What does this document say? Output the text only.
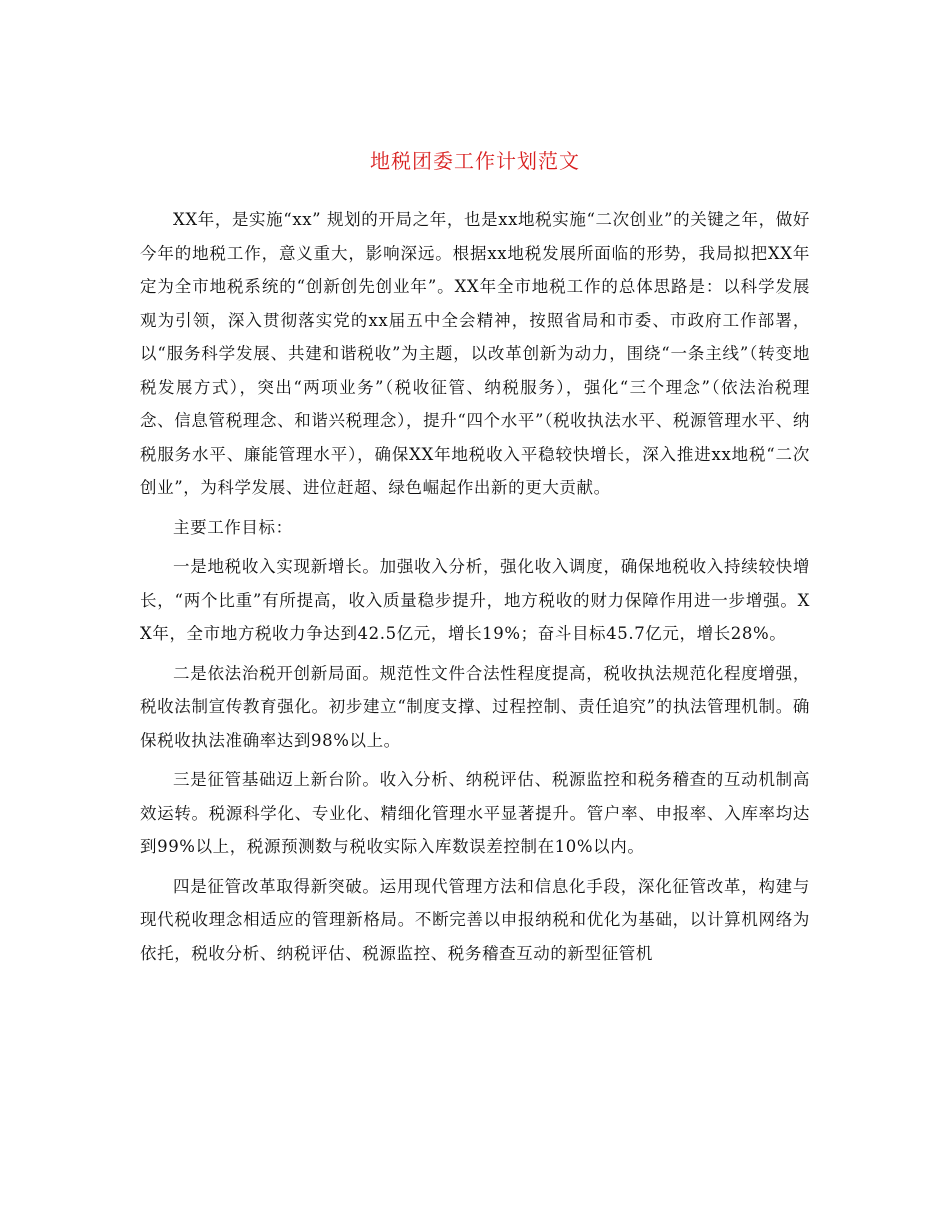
地税团委工作计划范文

XX年，是实施“xx” 规划的开局之年，也是xx地税实施“二次创业”的关键之年，做好今年的地税工作，意义重大，影响深远。根据xx地税发展所面临的形势，我局拟把XX年定为全市地税系统的“创新创先创业年”。XX年全市地税工作的总体思路是：以科学发展观为引领，深入贯彻落实党的xx届五中全会精神，按照省局和市委、市政府工作部署，以“服务科学发展、共建和谐税收”为主题，以改革创新为动力，围绕“一条主线”（转变地税发展方式），突出“两项业务”（税收征管、纳税服务），强化“三个理念”（依法治税理念、信息管税理念、和谐兴税理念），提升“四个水平”（税收执法水平、税源管理水平、纳税服务水平、廉能管理水平），确保XX年地税收入平稳较快增长，深入推进xx地税“二次创业”，为科学发展、进位赶超、绿色崛起作出新的更大贡献。

主要工作目标：

一是地税收入实现新增长。加强收入分析，强化收入调度，确保地税收入持续较快增长，“两个比重”有所提高，收入质量稳步提升，地方税收的财力保障作用进一步增强。XX年，全市地方税收力争达到42.5亿元，增长19%；奋斗目标45.7亿元，增长28%。

二是依法治税开创新局面。规范性文件合法性程度提高，税收执法规范化程度增强，税收法制宣传教育强化。初步建立“制度支撑、过程控制、责任追究”的执法管理机制。确保税收执法准确率达到98%以上。

三是征管基础迈上新台阶。收入分析、纳税评估、税源监控和税务稽查的互动机制高效运转。税源科学化、专业化、精细化管理水平显著提升。管户率、申报率、入库率均达到99%以上，税源预测数与税收实际入库数误差控制在10%以内。

四是征管改革取得新突破。运用现代管理方法和信息化手段，深化征管改革，构建与现代税收理念相适应的管理新格局。不断完善以申报纳税和优化为基础，以计算机网络为依托，税收分析、纳税评估、税源监控、税务稽查互动的新型征管机
